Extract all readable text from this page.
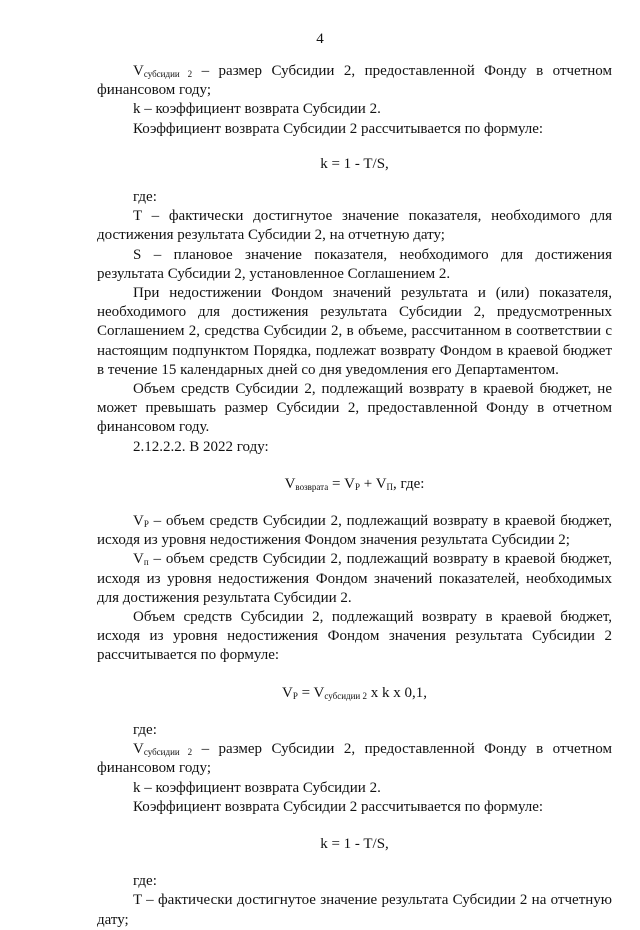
4

$V_{субсидии 2}$ – размер Субсидии 2, предоставленной Фонду в отчетном финансовом году;

k – коэффициент возврата Субсидии 2.

Коэффициент возврата Субсидии 2 рассчитывается по формуле:

k = 1 - T/S,

где:

T – фактически достигнутое значение показателя, необходимого для достижения результата Субсидии 2, на отчетную дату;

S – плановое значение показателя, необходимого для достижения результата Субсидии 2, установленное Соглашением 2.

При недостижении Фондом значений результата и (или) показателя, необходимого для достижения результата Субсидии 2, предусмотренных Соглашением 2, средства Субсидии 2, в объеме, рассчитанном в соответствии с настоящим подпунктом Порядка, подлежат возврату Фондом в краевой бюджет в течение 15 календарных дней со дня уведомления его Департаментом.

Объем средств Субсидии 2, подлежащий возврату в краевой бюджет, не может превышать размер Субсидии 2, предоставленной Фонду в отчетном финансовом году.

2.12.2.2. В 2022 году:

$V_{возврата} = V_P + V_П$, где:

$V_P$ – объем средств Субсидии 2, подлежащий возврату в краевой бюджет, исходя из уровня недостижения Фондом значения результата Субсидии 2;

$V_п$ – объем средств Субсидии 2, подлежащий возврату в краевой бюджет, исходя из уровня недостижения Фондом значений показателей, необходимых для достижения результата Субсидии 2.

Объем средств Субсидии 2, подлежащий возврату в краевой бюджет, исходя из уровня недостижения Фондом значения результата Субсидии 2 рассчитывается по формуле:

$V_P = V_{субсидии 2}$ x k x 0,1,

где:

$V_{субсидии 2}$ – размер Субсидии 2, предоставленной Фонду в отчетном финансовом году;

k – коэффициент возврата Субсидии 2.

Коэффициент возврата Субсидии 2 рассчитывается по формуле:

k = 1 - T/S,

где:

T – фактически достигнутое значение результата Субсидии 2 на отчетную дату;
